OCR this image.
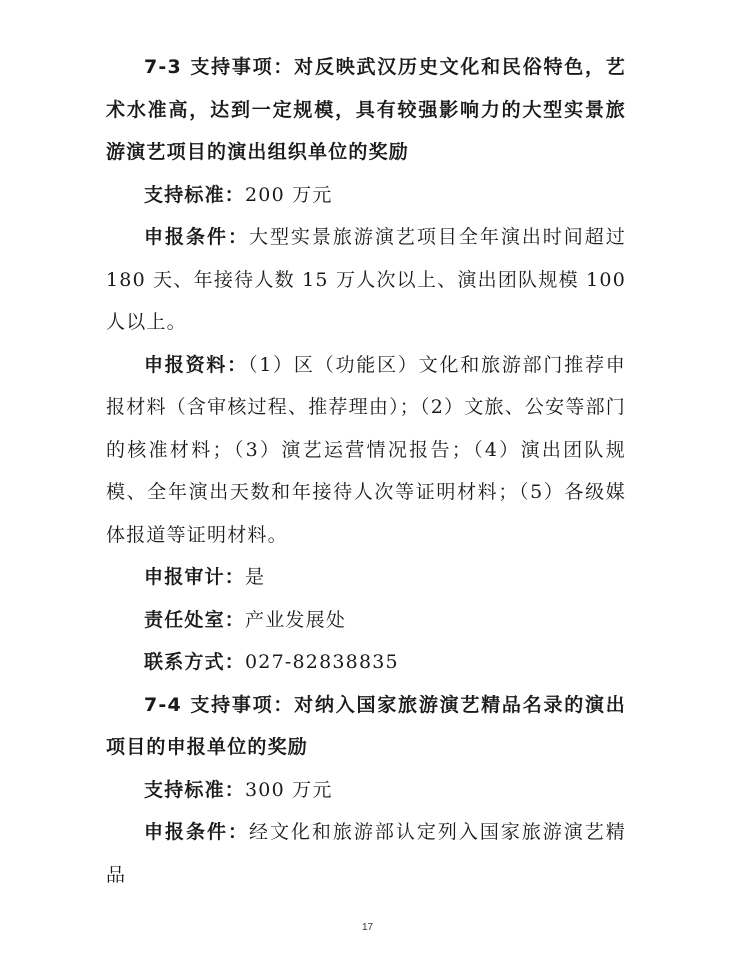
7-3 支持事项：对反映武汉历史文化和民俗特色，艺术水准高，达到一定规模，具有较强影响力的大型实景旅游演艺项目的演出组织单位的奖励

支持标准：200 万元

申报条件：大型实景旅游演艺项目全年演出时间超过180 天、年接待人数 15 万人次以上、演出团队规模 100 人以上。

申报资料：（1）区（功能区）文化和旅游部门推荐申报材料（含审核过程、推荐理由）；（2）文旅、公安等部门的核准材料；（3）演艺运营情况报告；（4）演出团队规模、全年演出天数和年接待人次等证明材料；（5）各级媒体报道等证明材料。

申报审计：是

责任处室：产业发展处

联系方式：027-82838835

7-4 支持事项：对纳入国家旅游演艺精品名录的演出项目的申报单位的奖励

支持标准：300 万元

申报条件：经文化和旅游部认定列入国家旅游演艺精品

17
